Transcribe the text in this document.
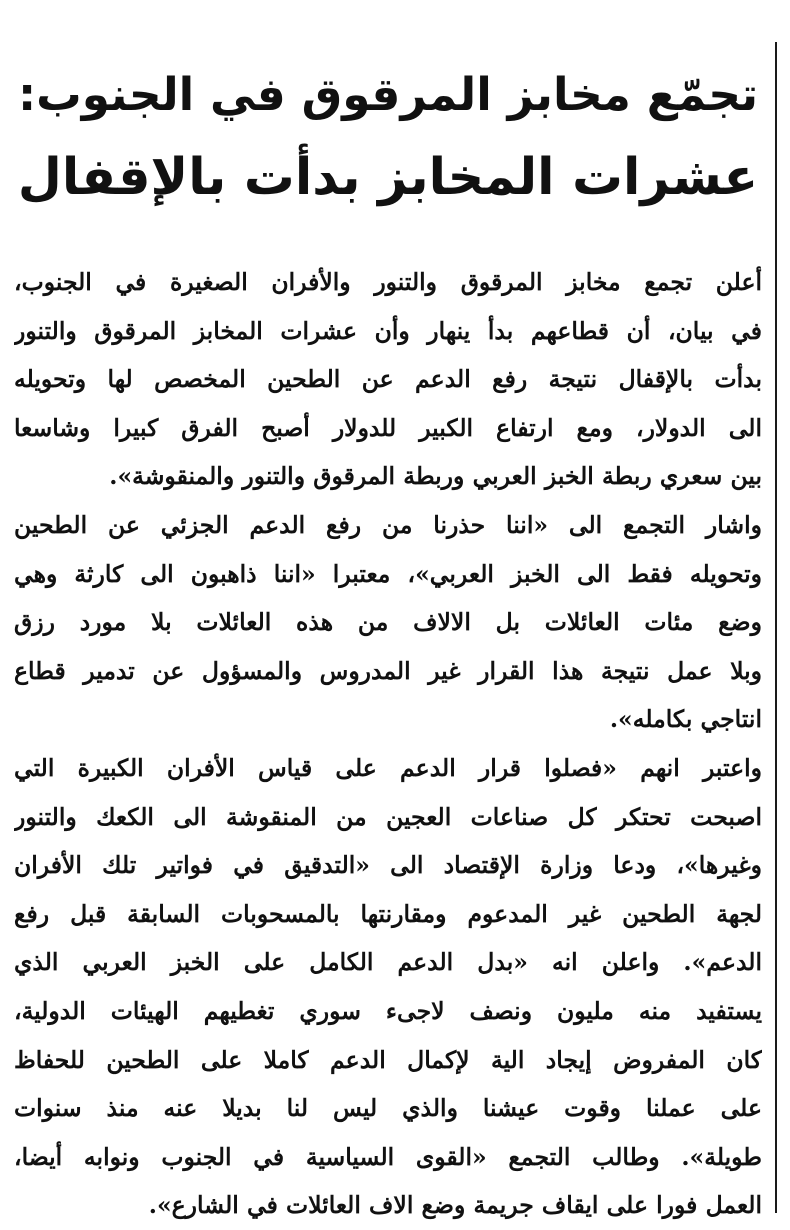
تجمّع مخابز المرقوق في الجنوب:
عشرات المخابز بدأت بالإقفال

أعلن تجمع مخابز المرقوق والتنور والأفران الصغيرة في الجنوب،
في بيان، أن قطاعهم بدأ ينهار وأن عشرات المخابز المرقوق والتنور
بدأت بالإقفال نتيجة رفع الدعم عن الطحين المخصص لها وتحويله
الى الدولار، ومع ارتفاع الكبير للدولار أصبح الفرق كبيرا وشاسعا
بين سعري ربطة الخبز العربي وربطة المرقوق والتنور والمنقوشة».

واشار التجمع الى «اننا حذرنا من رفع الدعم الجزئي عن الطحين
وتحويله فقط الى الخبز العربي»، معتبرا «اننا ذاهبون الى كارثة وهي
وضع مئات العائلات بل الالاف من هذه العائلات بلا مورد رزق
وبلا عمل نتيجة هذا القرار غير المدروس والمسؤول عن تدمير قطاع
انتاجي بكامله».

واعتبر انهم «فصلوا قرار الدعم على قياس الأفران الكبيرة التي
اصبحت تحتكر كل صناعات العجين من المنقوشة الى الكعك والتنور
وغيرها»، ودعا وزارة الإقتصاد الى «التدقيق في فواتير تلك الأفران
لجهة الطحين غير المدعوم ومقارنتها بالمسحوبات السابقة قبل رفع
الدعم». واعلن انه «بدل الدعم الكامل على الخبز العربي الذي
يستفيد منه مليون ونصف لاجىء سوري تغطيهم الهيئات الدولية،
كان المفروض إيجاد الية لإكمال الدعم كاملا على الطحين للحفاظ
على عملنا وقوت عيشنا والذي ليس لنا بديلا عنه منذ سنوات
طويلة». وطالب التجمع «القوى السياسية في الجنوب ونوابه أيضا،
العمل فورا على ايقاف جريمة وضع الاف العائلات في الشارع».
